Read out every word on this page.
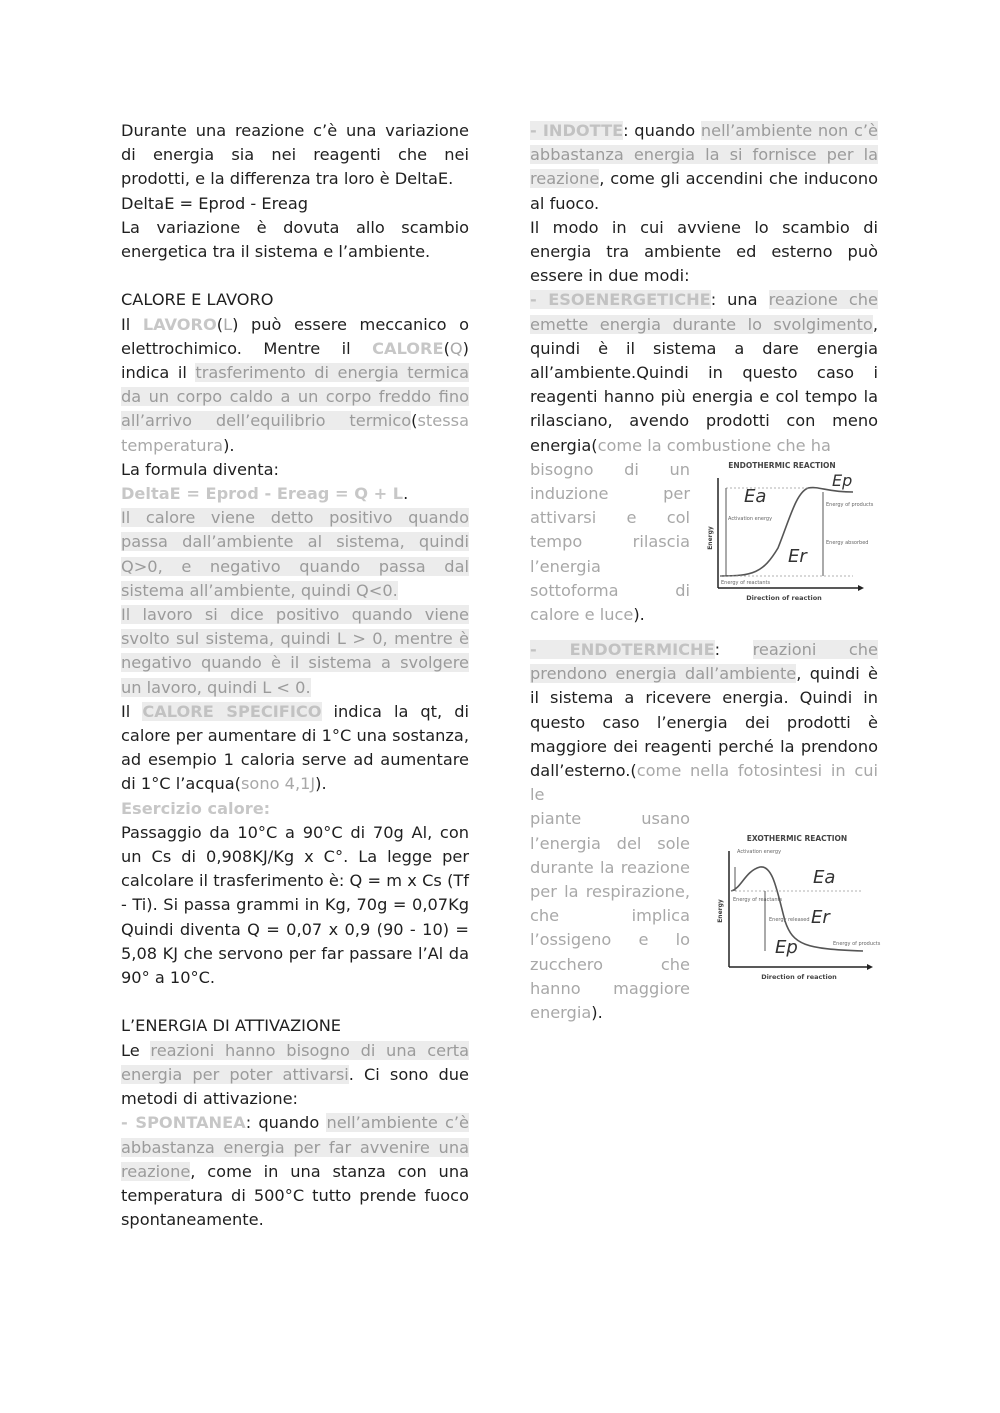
Durante una reazione c’è una variazione di energia sia nei reagenti che nei prodotti, e la differenza tra loro è DeltaE.

DeltaE = Eprod - Ereag

La variazione è dovuta allo scambio energetica tra il sistema e l’ambiente.

CALORE E LAVORO

Il LAVORO(L) può essere meccanico o elettrochimico. Mentre il CALORE(Q) indica il trasferimento di energia termica da un corpo caldo a un corpo freddo fino all’arrivo dell’equilibrio termico(stessa temperatura).

La formula diventa:

DeltaE = Eprod - Ereag = Q + L.

Il calore viene detto positivo quando passa dall’ambiente al sistema, quindi Q>0, e negativo quando passa dal sistema all’ambiente, quindi Q<0.

Il lavoro si dice positivo quando viene svolto sul sistema, quindi L > 0, mentre è negativo quando è il sistema a svolgere un lavoro, quindi L < 0.

Il CALORE SPECIFICO indica la qt, di calore per aumentare di 1°C una sostanza, ad esempio 1 caloria serve ad aumentare di 1°C l’acqua(sono 4,1J).

Esercizio calore:

Passaggio da 10°C a 90°C di 70g Al, con un Cs di 0,908KJ/Kg x C°. La legge per calcolare il trasferimento è: Q = m x Cs (Tf - Ti). Si passa grammi in Kg, 70g = 0,07Kg Quindi diventa Q = 0,07 x 0,9 (90 - 10) = 5,08 KJ che servono per far passare l’Al da 90° a 10°C.

L’ENERGIA DI ATTIVAZIONE

Le reazioni hanno bisogno di una certa energia per poter attivarsi. Ci sono due metodi di attivazione:

- SPONTANEA: quando nell’ambiente c’è abbastanza energia per far avvenire una reazione, come in una stanza con una temperatura di 500°C tutto prende fuoco spontaneamente.

- INDOTTE: quando nell’ambiente non c’è abbastanza energia la si fornisce per la reazione, come gli accendini che inducono al fuoco.

Il modo in cui avviene lo scambio di energia tra ambiente ed esterno può essere in due modi:

- ESOENERGETICHE: una reazione che emette energia durante lo svolgimento, quindi è il sistema a dare energia all’ambiente.Quindi in questo caso i reagenti hanno più energia e col tempo la rilasciano, avendo prodotti con meno energia(come la combustione che ha

bisogno di un induzione per attivarsi e col tempo rilascia l’energia sottoforma di calore e luce).

ENDOTHERMIC REACTION
Energy
Direction of reaction
Activation energy
Energy of products
Energy absorbed
Energy of reactants
Ea
Ep
Er

- ENDOTERMICHE: reazioni che prendono energia dall’ambiente, quindi è il sistema a ricevere energia. Quindi in questo caso l’energia dei prodotti è maggiore dei reagenti perché la prendono dall’esterno.(come nella fotosintesi in cui le

piante usano l’energia del sole durante la reazione per la respirazione, che implica l’ossigeno e lo zucchero che hanno maggiore energia).

EXOTHERMIC REACTION
Energy
Direction of reaction
Activation energy
Energy of reactants
Energy released
Energy of products
Ea
Er
Ep
